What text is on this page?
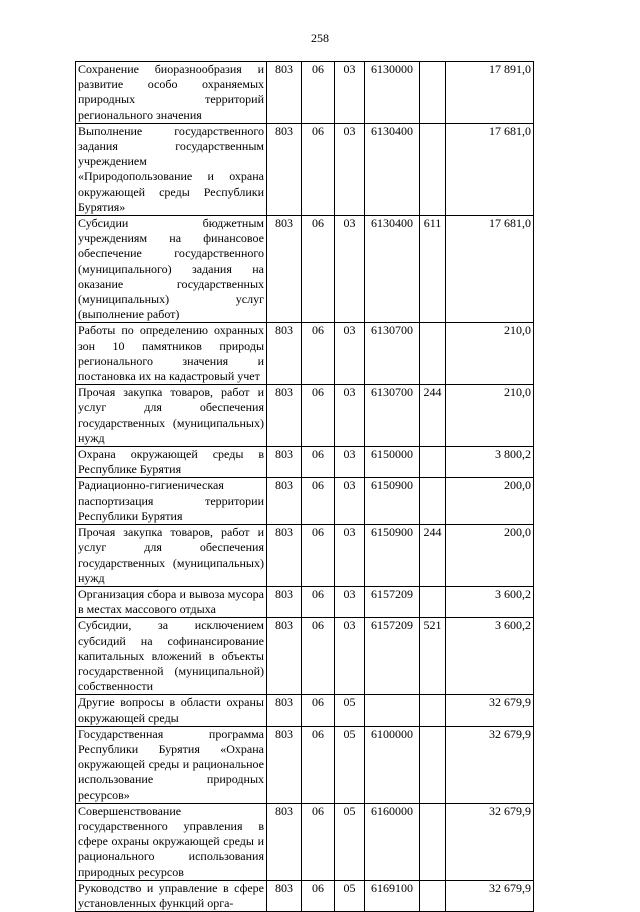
258
Сохранение биоразнообразия и развитие особо охраняемых природных территорий регионального значения	803	06	03	6130000		17 891,0
Выполнение государственного задания государственным учреждением «Природопользование и охрана окружающей среды Республики Бурятия»	803	06	03	6130400		17 681,0
Субсидии бюджетным учреждениям на финансовое обеспечение государственного (муниципального) задания на оказание государственных (муниципальных) услуг (выполнение работ)	803	06	03	6130400	611	17 681,0
Работы по определению охранных зон 10 памятников природы регионального значения и постановка их на кадастровый учет	803	06	03	6130700		210,0
Прочая закупка товаров, работ и услуг для обеспечения государственных (муниципальных) нужд	803	06	03	6130700	244	210,0
Охрана окружающей среды в Республике Бурятия	803	06	03	6150000		3 800,2
Радиационно-гигиеническая паспортизация территории Республики Бурятия	803	06	03	6150900		200,0
Прочая закупка товаров, работ и услуг для обеспечения государственных (муниципальных) нужд	803	06	03	6150900	244	200,0
Организация сбора и вывоза мусора в местах массового отдыха	803	06	03	6157209		3 600,2
Субсидии, за исключением субсидий на софинансирование капитальных вложений в объекты государственной (муниципальной) собственности	803	06	03	6157209	521	3 600,2
Другие вопросы в области охраны окружающей среды	803	06	05			32 679,9
Государственная программа Республики Бурятия «Охрана окружающей среды и рациональное использование природных ресурсов»	803	06	05	6100000		32 679,9
Совершенствование государственного управления в сфере охраны окружающей среды и рационального использования природных ресурсов	803	06	05	6160000		32 679,9
Руководство и управление в сфере установленных функций орга-	803	06	05	6169100		32 679,9
